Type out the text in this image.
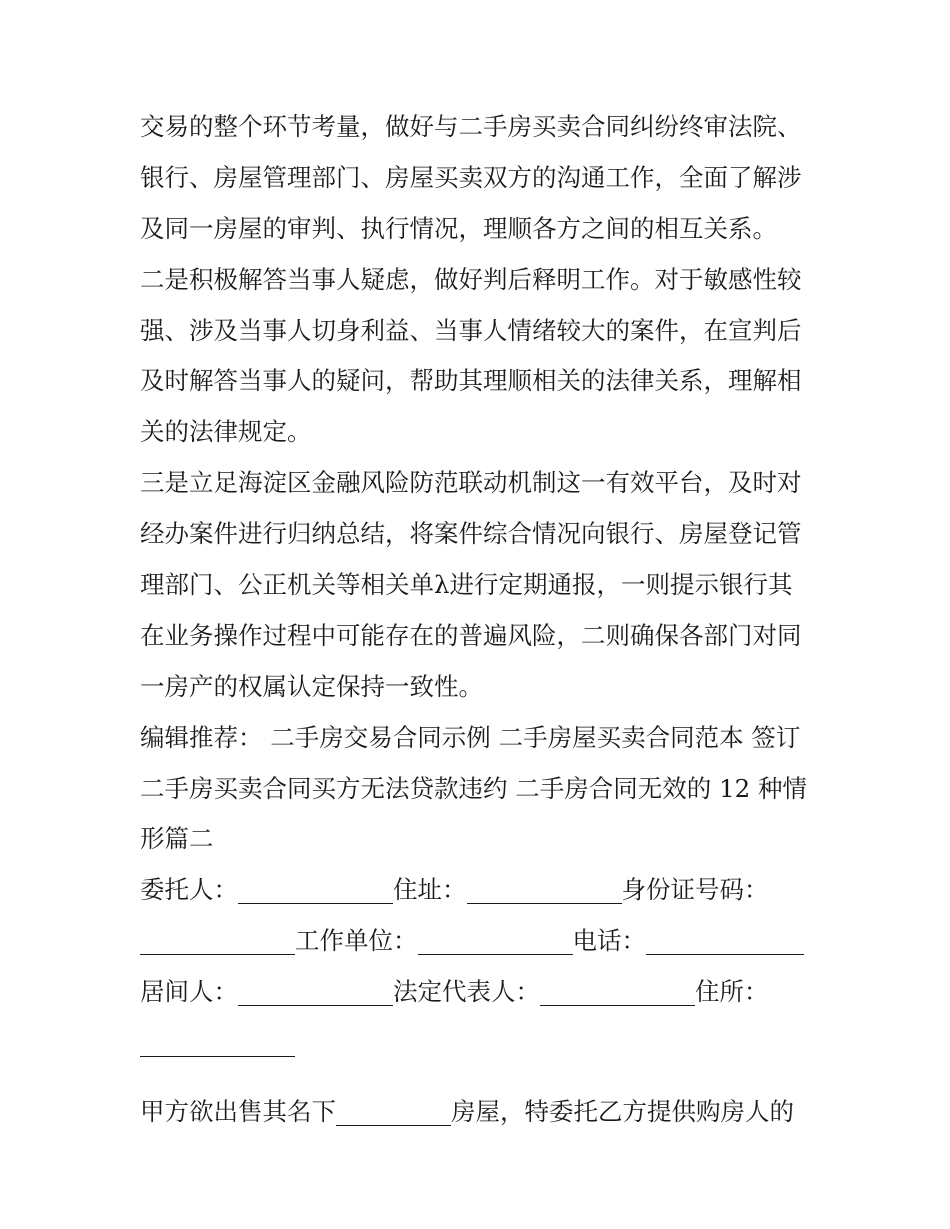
交易的整个环节考量，做好与二手房买卖合同纠纷终审法院、
银行、房屋管理部门、房屋买卖双方的沟通工作，全面了解涉
及同一房屋的审判、执行情况，理顺各方之间的相互关系。
二是积极解答当事人疑虑，做好判后释明工作。对于敏感性较
强、涉及当事人切身利益、当事人情绪较大的案件，在宣判后
及时解答当事人的疑问，帮助其理顺相关的法律关系，理解相
关的法律规定。
三是立足海淀区金融风险防范联动机制这一有效平台，及时对
经办案件进行归纳总结，将案件综合情况向银行、房屋登记管
理部门、公正机关等相关单λ进行定期通报，一则提示银行其
在业务操作过程中可能存在的普遍风险，二则确保各部门对同
一房产的权属认定保持一致性。
编辑推荐： 二手房交易合同示例 二手房屋买卖合同范本 签订
二手房买卖合同买方无法贷款违约 二手房合同无效的 12 种情
形篇二
委托人：	住址：	身份证号码：
工作单位：	电话：
居间人：	法定代表人：	住所：
甲方欲出售其名下	房屋，特委托乙方提供购房人的
